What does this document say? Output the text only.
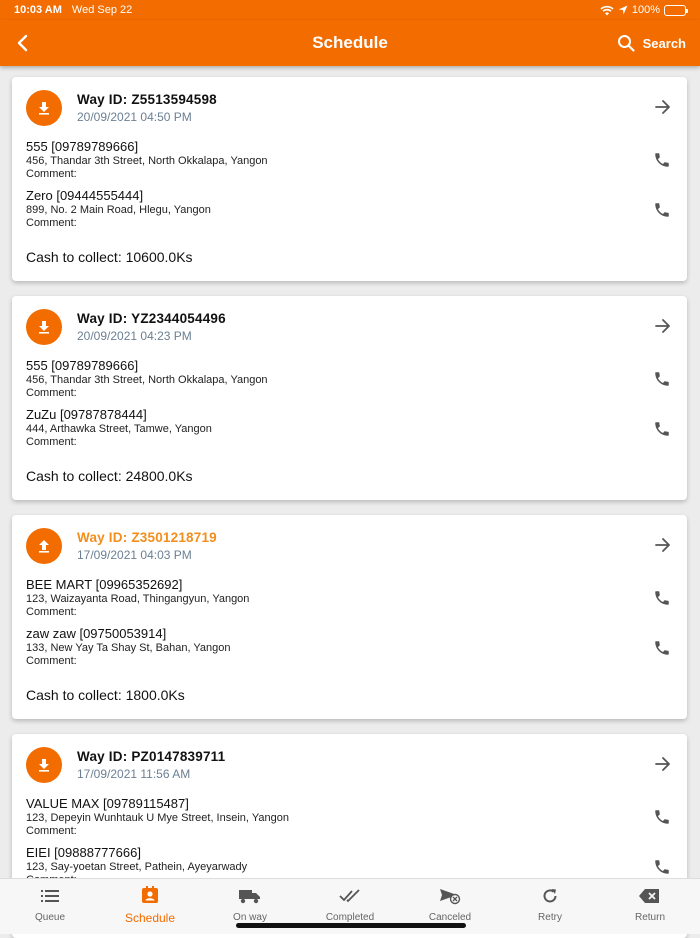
10:03 AM Wed Sep 22	100%
Schedule	Search
Way ID: Z5513594598
20/09/2021 04:50 PM
555 [09789789666]
456, Thandar 3th Street, North Okkalapa, Yangon
Comment:
Zero [09444555444]
899, No. 2 Main Road, Hlegu, Yangon
Comment:
Cash to collect: 10600.0Ks
Way ID: YZ2344054496
20/09/2021 04:23 PM
555 [09789789666]
456, Thandar 3th Street, North Okkalapa, Yangon
Comment:
ZuZu [09787878444]
444, Arthawka Street, Tamwe, Yangon
Comment:
Cash to collect: 24800.0Ks
Way ID: Z3501218719
17/09/2021 04:03 PM
BEE MART [09965352692]
123, Waizayanta Road, Thingangyun, Yangon
Comment:
zaw zaw [09750053914]
133, New Yay Ta Shay St, Bahan, Yangon
Comment:
Cash to collect: 1800.0Ks
Way ID: PZ0147839711
17/09/2021 11:56 AM
VALUE MAX [09789115487]
123, Depeyin Wunhtauk U Mye Street, Insein, Yangon
Comment:
EIEI [09888777666]
123, Say-yoetan Street, Pathein, Ayeyarwady
Queue	Schedule	On way	Completed	Canceled	Retry	Return
